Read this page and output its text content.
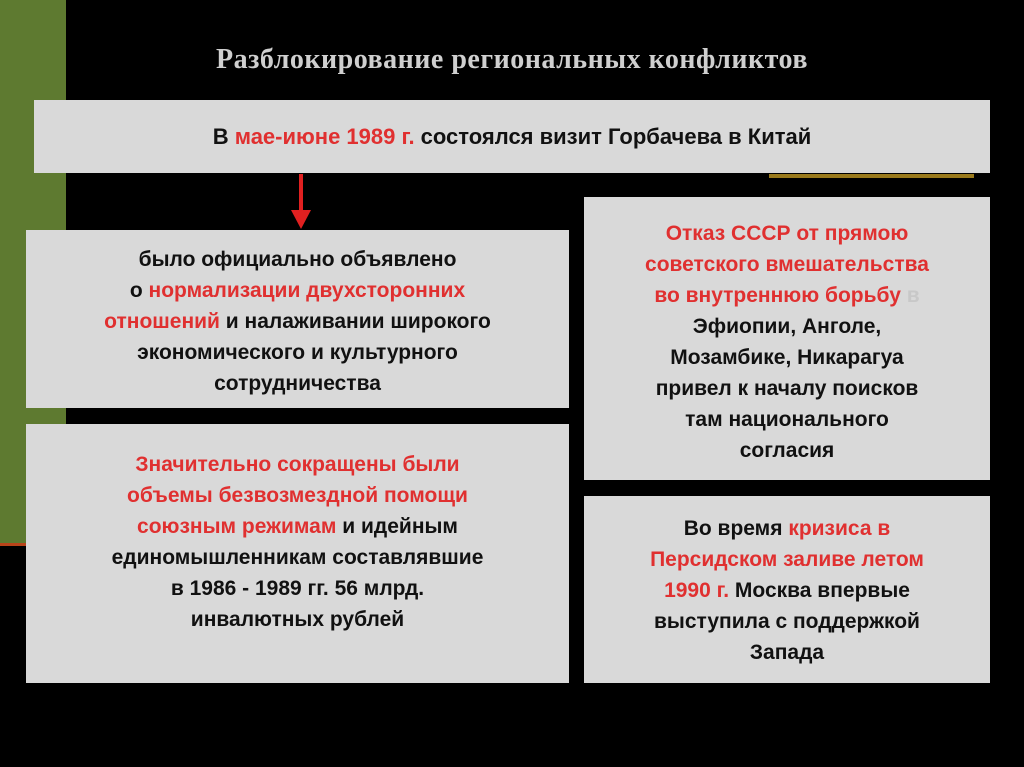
Разблокирование региональных конфликтов
В мае-июне 1989 г. состоялся визит Горбачева в Китай
было официально объявлено
о нормализации двухсторонних
отношений и налаживании широкого
экономического и культурного
сотрудничества
Значительно сокращены были
объемы безвозмездной помощи
союзным режимам и идейным
единомышленникам составлявшие
в 1986 - 1989 гг. 56 млрд.
инвалютных рублей
Отказ СССР от прямою
советского вмешательства
во внутреннюю борьбу в
Эфиопии, Анголе,
Мозамбике, Никарагуа
привел к началу поисков
там национального
согласия
Во время кризиса в
Персидском заливе летом
1990 г. Москва впервые
выступила с поддержкой
Запада
